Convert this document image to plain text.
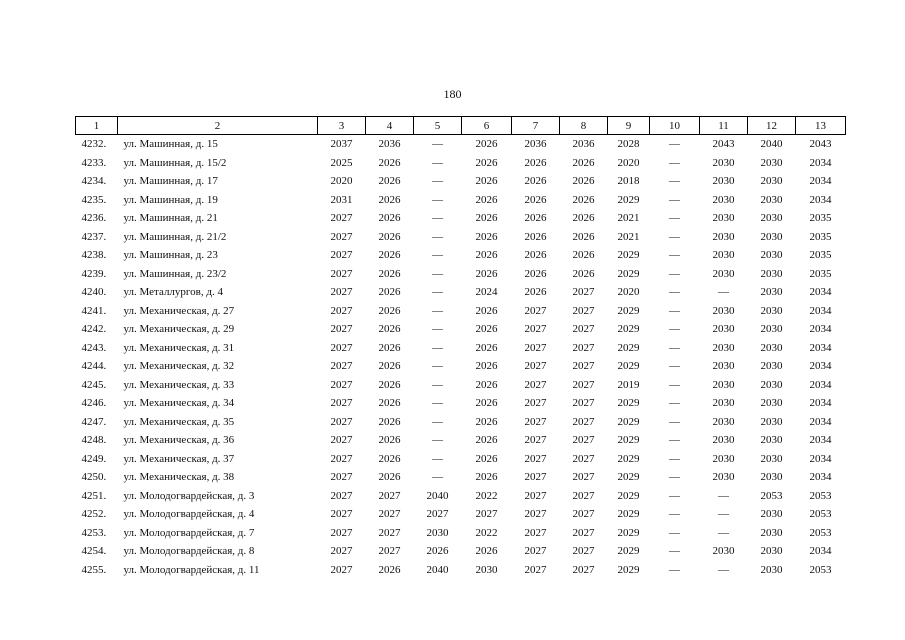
180
1	2	3	4	5	6	7	8	9	10	11	12	13
4232.	ул. Машинная, д. 15	2037	2036	—	2026	2036	2036	2028	—	2043	2040	2043
4233.	ул. Машинная, д. 15/2	2025	2026	—	2026	2026	2026	2020	—	2030	2030	2034
4234.	ул. Машинная, д. 17	2020	2026	—	2026	2026	2026	2018	—	2030	2030	2034
4235.	ул. Машинная, д. 19	2031	2026	—	2026	2026	2026	2029	—	2030	2030	2034
4236.	ул. Машинная, д. 21	2027	2026	—	2026	2026	2026	2021	—	2030	2030	2035
4237.	ул. Машинная, д. 21/2	2027	2026	—	2026	2026	2026	2021	—	2030	2030	2035
4238.	ул. Машинная, д. 23	2027	2026	—	2026	2026	2026	2029	—	2030	2030	2035
4239.	ул. Машинная, д. 23/2	2027	2026	—	2026	2026	2026	2029	—	2030	2030	2035
4240.	ул. Металлургов, д. 4	2027	2026	—	2024	2026	2027	2020	—	—	2030	2034
4241.	ул. Механическая, д. 27	2027	2026	—	2026	2027	2027	2029	—	2030	2030	2034
4242.	ул. Механическая, д. 29	2027	2026	—	2026	2027	2027	2029	—	2030	2030	2034
4243.	ул. Механическая, д. 31	2027	2026	—	2026	2027	2027	2029	—	2030	2030	2034
4244.	ул. Механическая, д. 32	2027	2026	—	2026	2027	2027	2029	—	2030	2030	2034
4245.	ул. Механическая, д. 33	2027	2026	—	2026	2027	2027	2019	—	2030	2030	2034
4246.	ул. Механическая, д. 34	2027	2026	—	2026	2027	2027	2029	—	2030	2030	2034
4247.	ул. Механическая, д. 35	2027	2026	—	2026	2027	2027	2029	—	2030	2030	2034
4248.	ул. Механическая, д. 36	2027	2026	—	2026	2027	2027	2029	—	2030	2030	2034
4249.	ул. Механическая, д. 37	2027	2026	—	2026	2027	2027	2029	—	2030	2030	2034
4250.	ул. Механическая, д. 38	2027	2026	—	2026	2027	2027	2029	—	2030	2030	2034
4251.	ул. Молодогвардейская, д. 3	2027	2027	2040	2022	2027	2027	2029	—	—	2053	2053
4252.	ул. Молодогвардейская, д. 4	2027	2027	2027	2027	2027	2027	2029	—	—	2030	2053
4253.	ул. Молодогвардейская, д. 7	2027	2027	2030	2022	2027	2027	2029	—	—	2030	2053
4254.	ул. Молодогвардейская, д. 8	2027	2027	2026	2026	2027	2027	2029	—	2030	2030	2034
4255.	ул. Молодогвардейская, д. 11	2027	2026	2040	2030	2027	2027	2029	—	—	2030	2053
